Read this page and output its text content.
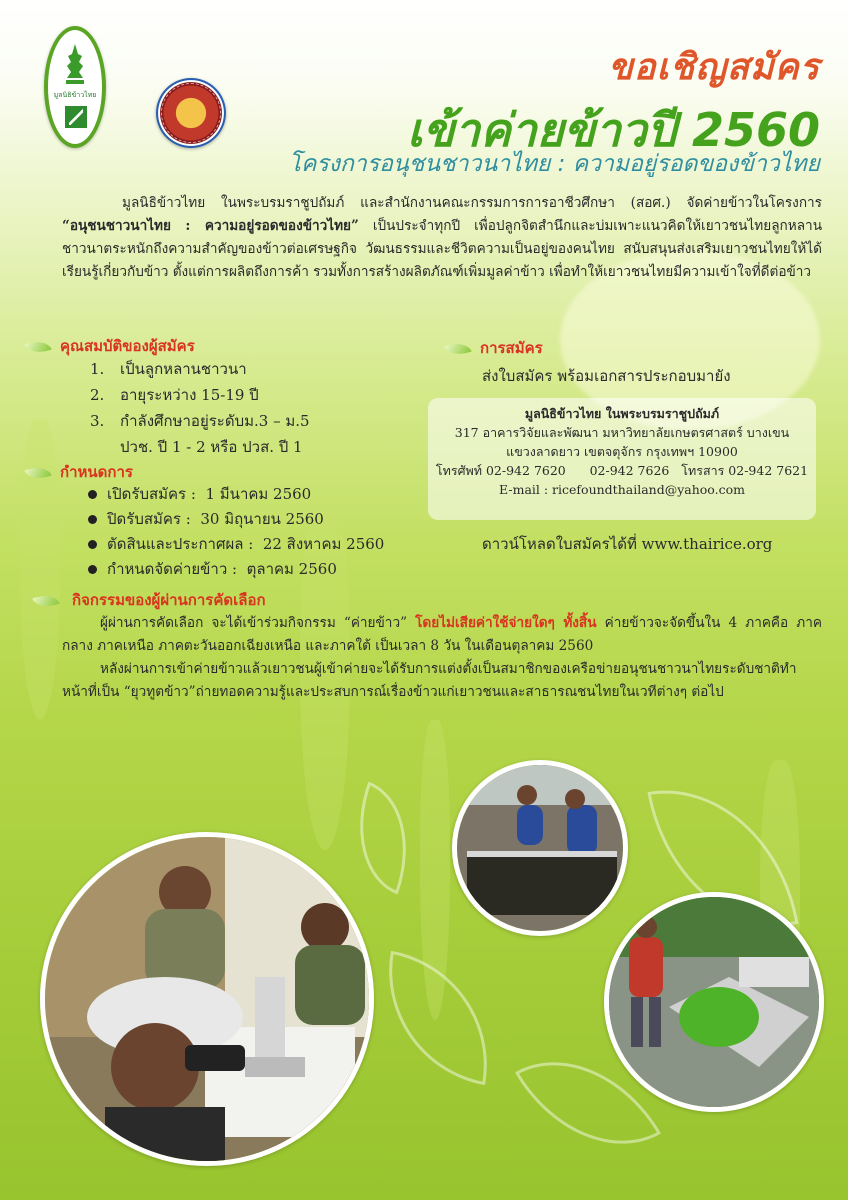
มูลนิธิข้าวไทย
ขอเชิญสมัคร
เข้าค่ายข้าวปี 2560
โครงการอนุชนชาวนาไทย : ความอยู่รอดของข้าวไทย
มูลนิธิข้าวไทย ในพระบรมราชูปถัมภ์ และสำนักงานคณะกรรมการการอาชีวศึกษา (สอศ.) จัดค่ายข้าวในโครงการ “อนุชนชาวนาไทย : ความอยู่รอดของข้าวไทย” เป็นประจำทุกปี เพื่อปลูกจิตสำนึกและบ่มเพาะแนวคิดให้เยาวชนไทยลูกหลานชาวนาตระหนักถึงความสำคัญของข้าวต่อเศรษฐกิจ วัฒนธรรมและชีวิตความเป็นอยู่ของคนไทย สนับสนุนส่งเสริมเยาวชนไทยให้ได้เรียนรู้เกี่ยวกับข้าว ตั้งแต่การผลิตถึงการค้า รวมทั้งการสร้างผลิตภัณฑ์เพิ่มมูลค่าข้าว เพื่อทำให้เยาวชนไทยมีความเข้าใจที่ดีต่อข้าว
คุณสมบัติของผู้สมัคร
1.	เป็นลูกหลานชาวนา
2.	อายุระหว่าง 15-19 ปี
3.	กำลังศึกษาอยู่ระดับม.3 – ม.5
ปวช. ปี 1 - 2 หรือ ปวส. ปี 1
กำหนดการ
เปิดรับสมัคร :
1 มีนาคม 2560
ปิดรับสมัคร :
30 มิถุนายน 2560
ตัดสินและประกาศผล :
22 สิงหาคม 2560
กำหนดจัดค่ายข้าว :
ตุลาคม 2560
การสมัคร
ส่งใบสมัคร พร้อมเอกสารประกอบมายัง
มูลนิธิข้าวไทย ในพระบรมราชูปถัมภ์
317 อาคารวิจัยและพัฒนา มหาวิทยาลัยเกษตรศาสตร์ บางเขน
แขวงลาดยาว เขตจตุจักร กรุงเทพฯ 10900
โทรศัพท์ 02-942 7620      02-942 7626   โทรสาร 02-942 7621
E-mail : ricefoundthailand@yahoo.com
ดาวน์โหลดใบสมัครได้ที่ www.thairice.org
กิจกรรมของผู้ผ่านการคัดเลือก

ผู้ผ่านการคัดเลือก จะได้เข้าร่วมกิจกรรม “ค่ายข้าว” โดยไม่เสียค่าใช้จ่ายใดๆ ทั้งสิ้น ค่ายข้าวจะจัดขึ้นใน 4 ภาคคือ ภาคกลาง ภาคเหนือ ภาคตะวันออกเฉียงเหนือ และภาคใต้ เป็นเวลา 8 วัน ในเดือนตุลาคม 2560

หลังผ่านการเข้าค่ายข้าวแล้วเยาวชนผู้เข้าค่ายจะได้รับการแต่งตั้งเป็นสมาชิกของเครือข่ายอนุชนชาวนาไทยระดับชาติทำหน้าที่เป็น “ยุวทูตข้าว”ถ่ายทอดความรู้และประสบการณ์เรื่องข้าวแก่เยาวชนและสาธารณชนไทยในเวทีต่างๆ ต่อไป
